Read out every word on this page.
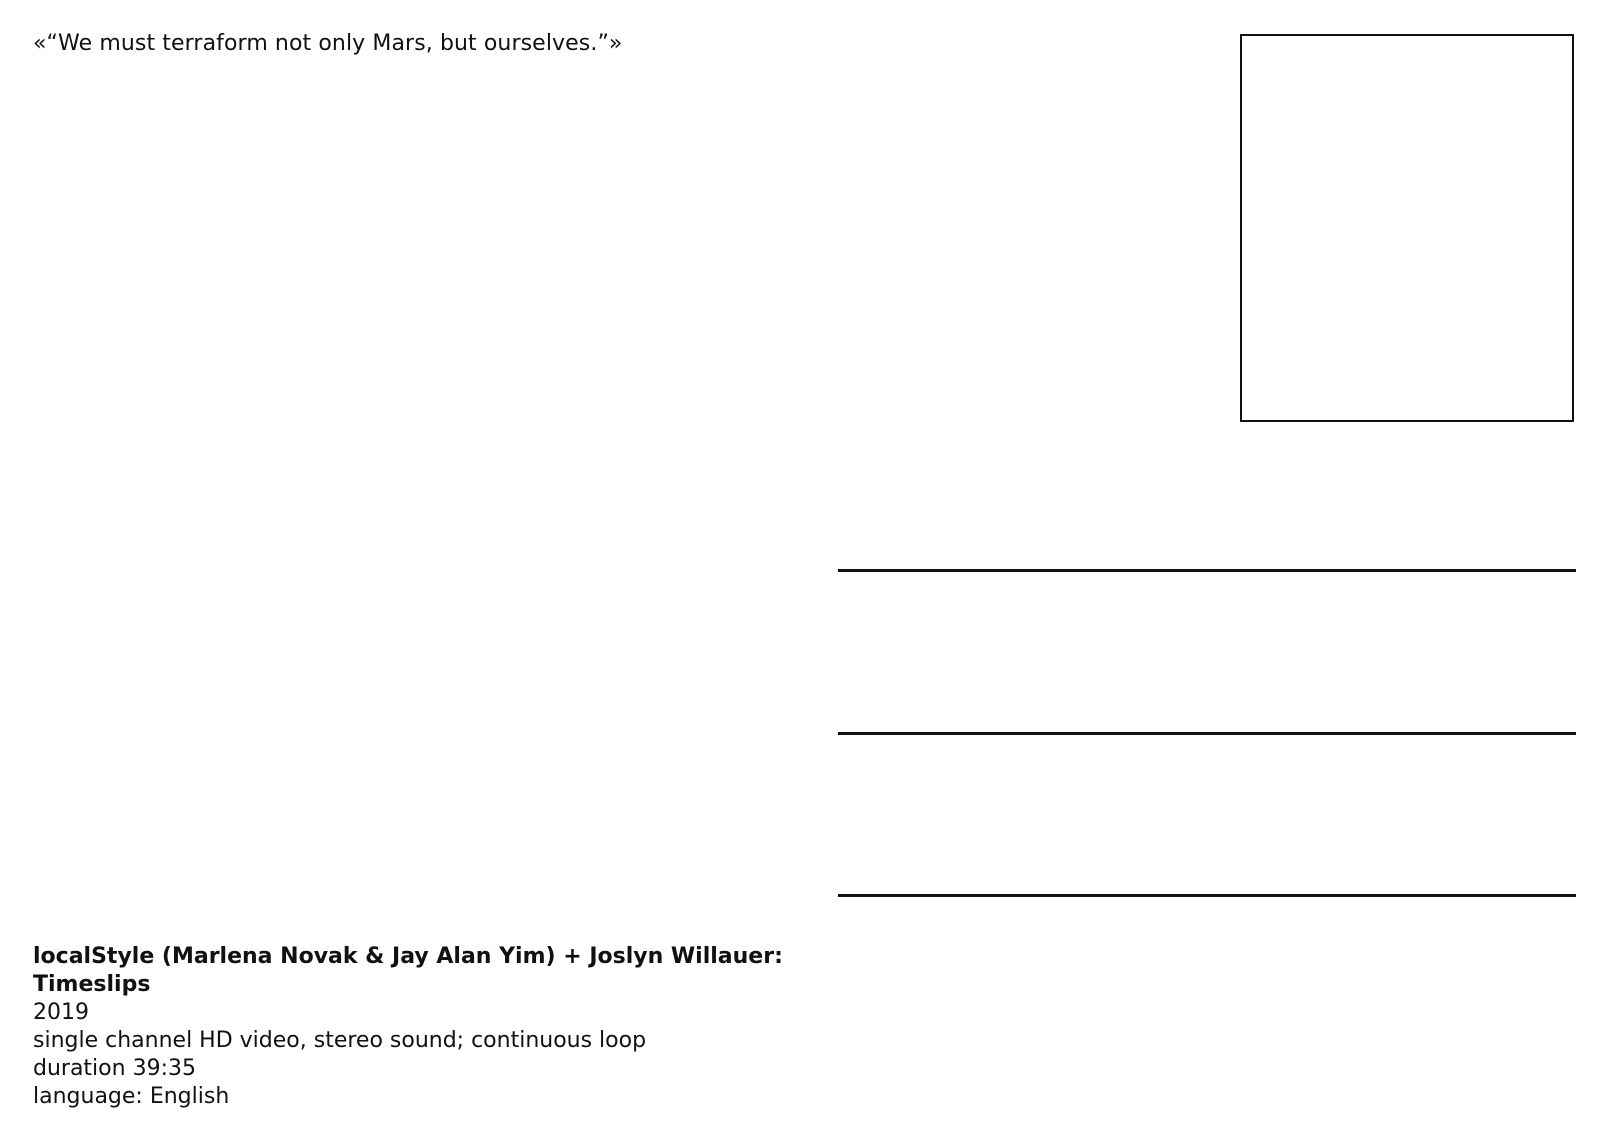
«“We must terraform not only Mars, but ourselves.”»
localStyle (Marlena Novak & Jay Alan Yim) + Joslyn Willauer:
Timeslips
2019
single channel HD video, stereo sound; continuous loop
duration 39:35
language: English
